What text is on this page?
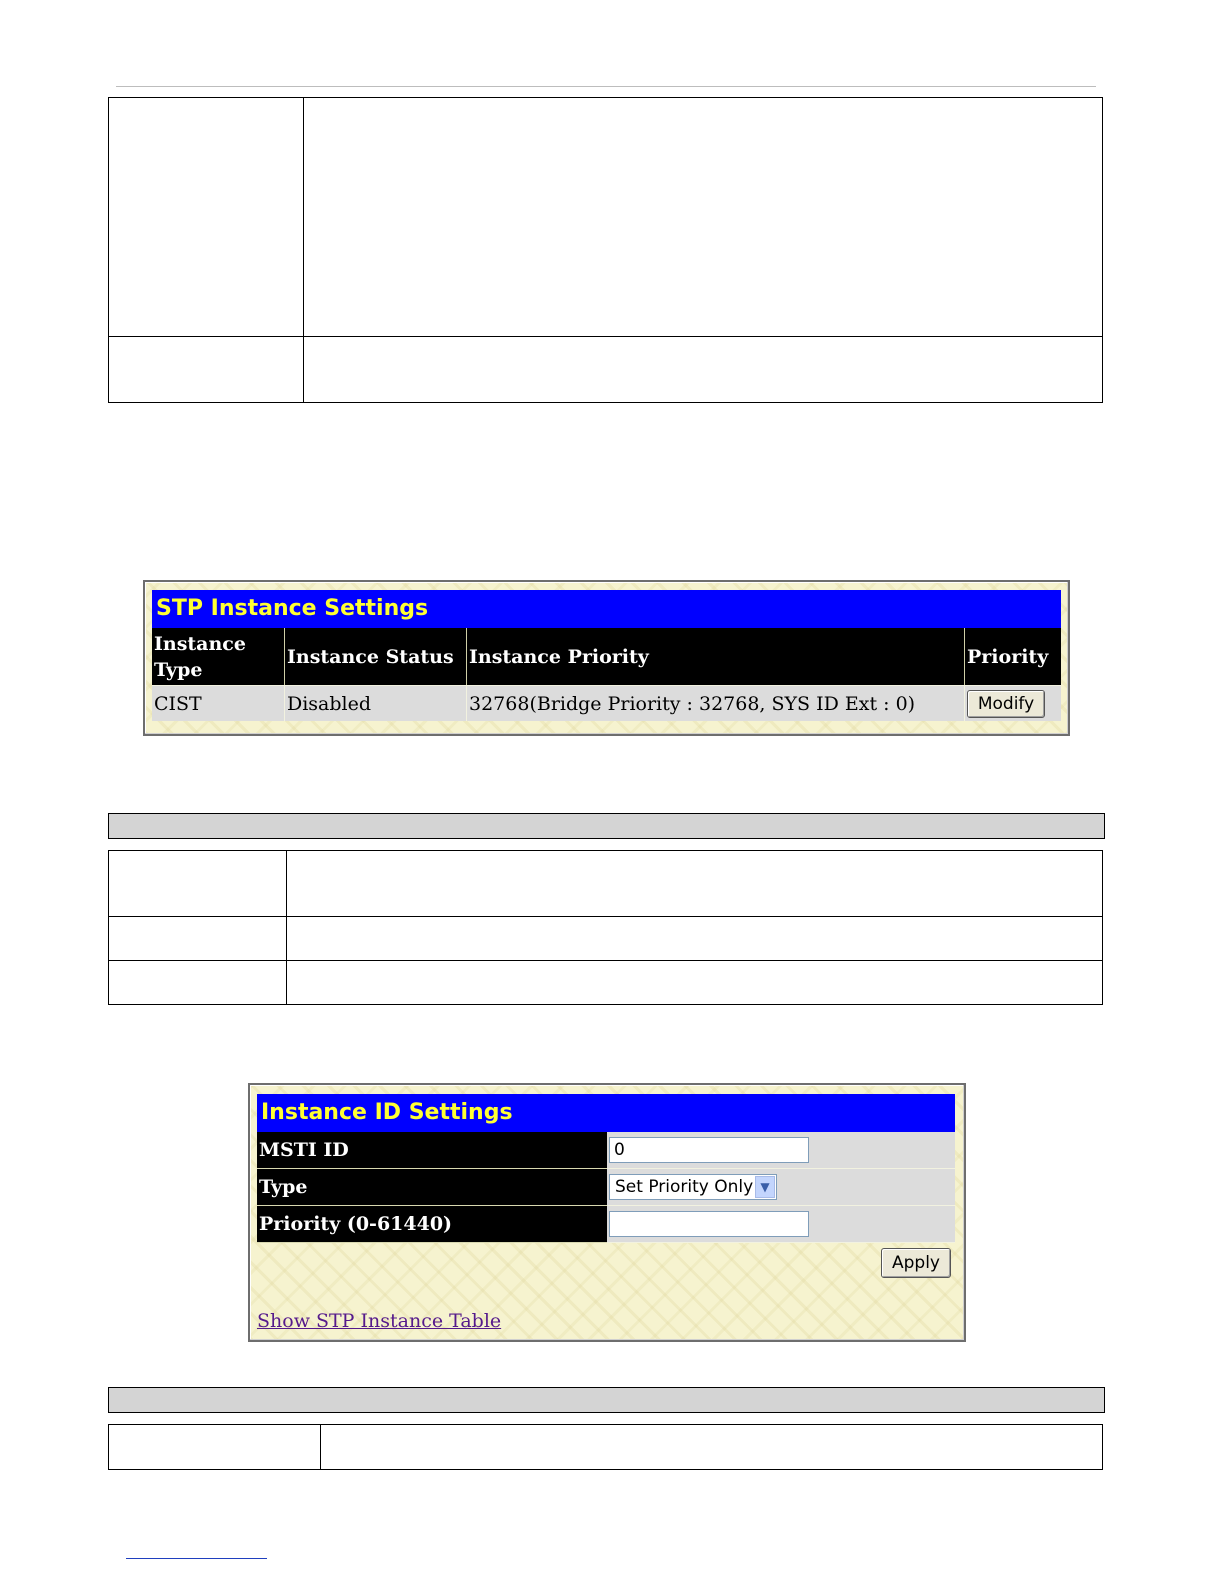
STP Instance Settings
Instance
Type	Instance Status	Instance Priority	Priority
CIST	Disabled	32768(Bridge Priority : 32768, SYS ID Ext : 0)	Modify

Instance ID Settings
MSTI ID	0
Type	Set Priority Only ▼

Priority (0-61440)	
Apply
Show STP Instance Table
